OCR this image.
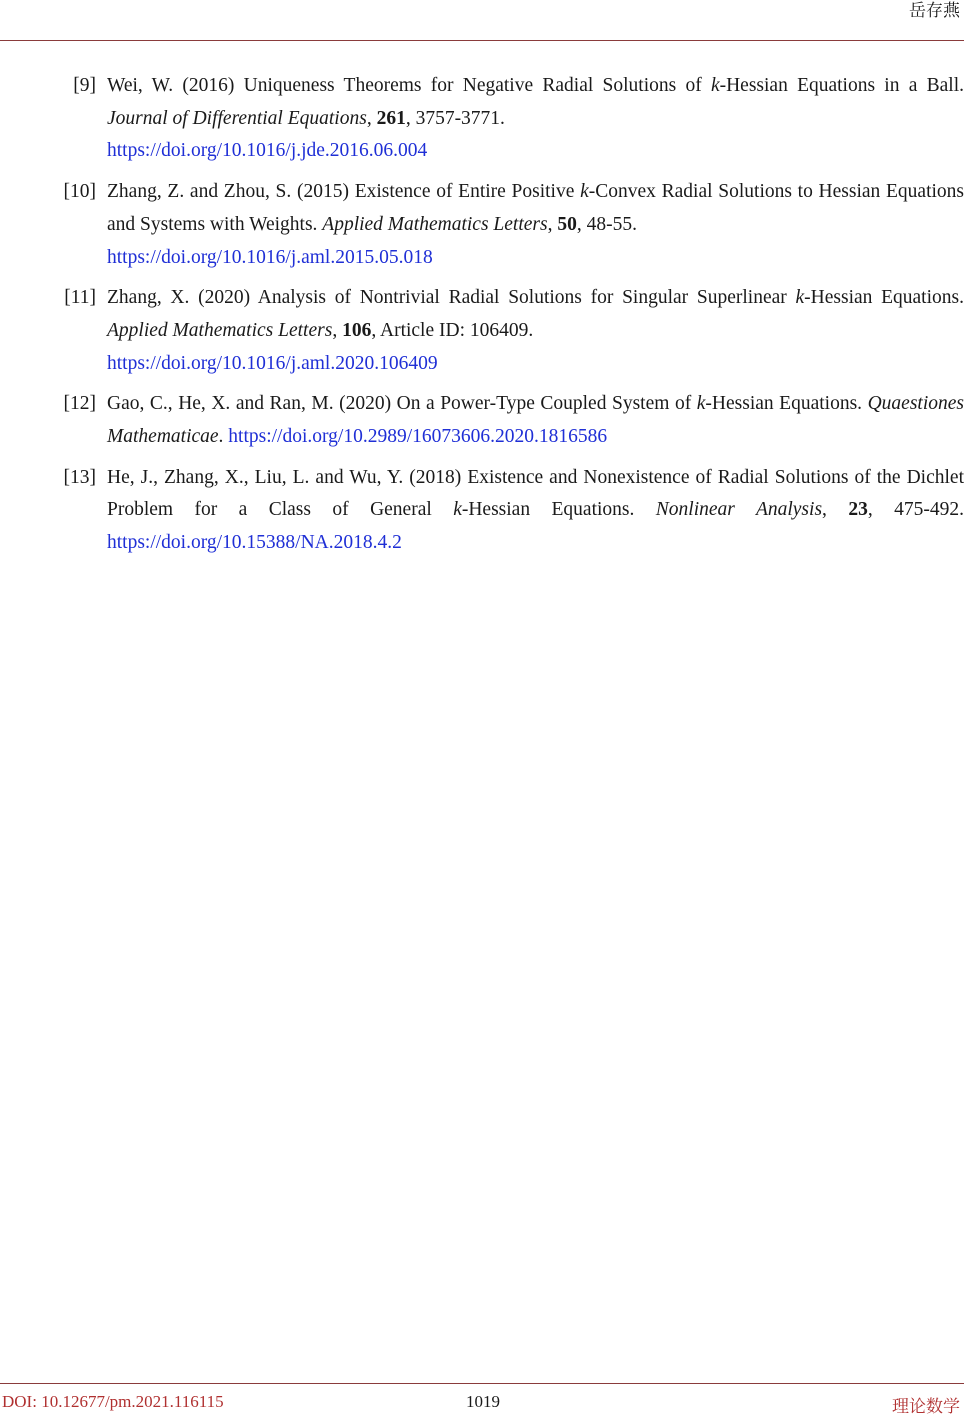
岳存燕
[9] Wei, W. (2016) Uniqueness Theorems for Negative Radial Solutions of k-Hessian Equations in a Ball. Journal of Differential Equations, 261, 3757-3771.
https://doi.org/10.1016/j.jde.2016.06.004
[10] Zhang, Z. and Zhou, S. (2015) Existence of Entire Positive k-Convex Radial Solutions to Hessian Equations and Systems with Weights. Applied Mathematics Letters, 50, 48-55.
https://doi.org/10.1016/j.aml.2015.05.018
[11] Zhang, X. (2020) Analysis of Nontrivial Radial Solutions for Singular Superlinear k-Hessian Equations. Applied Mathematics Letters, 106, Article ID: 106409.
https://doi.org/10.1016/j.aml.2020.106409
[12] Gao, C., He, X. and Ran, M. (2020) On a Power-Type Coupled System of k-Hessian Equations. Quaestiones Mathematicae. https://doi.org/10.2989/16073606.2020.1816586
[13] He, J., Zhang, X., Liu, L. and Wu, Y. (2018) Existence and Nonexistence of Radial Solutions of the Dichlet Problem for a Class of General k-Hessian Equations. Nonlinear Analysis, 23, 475-492. https://doi.org/10.15388/NA.2018.4.2
DOI: 10.12677/pm.2021.116115	1019	理论数学
